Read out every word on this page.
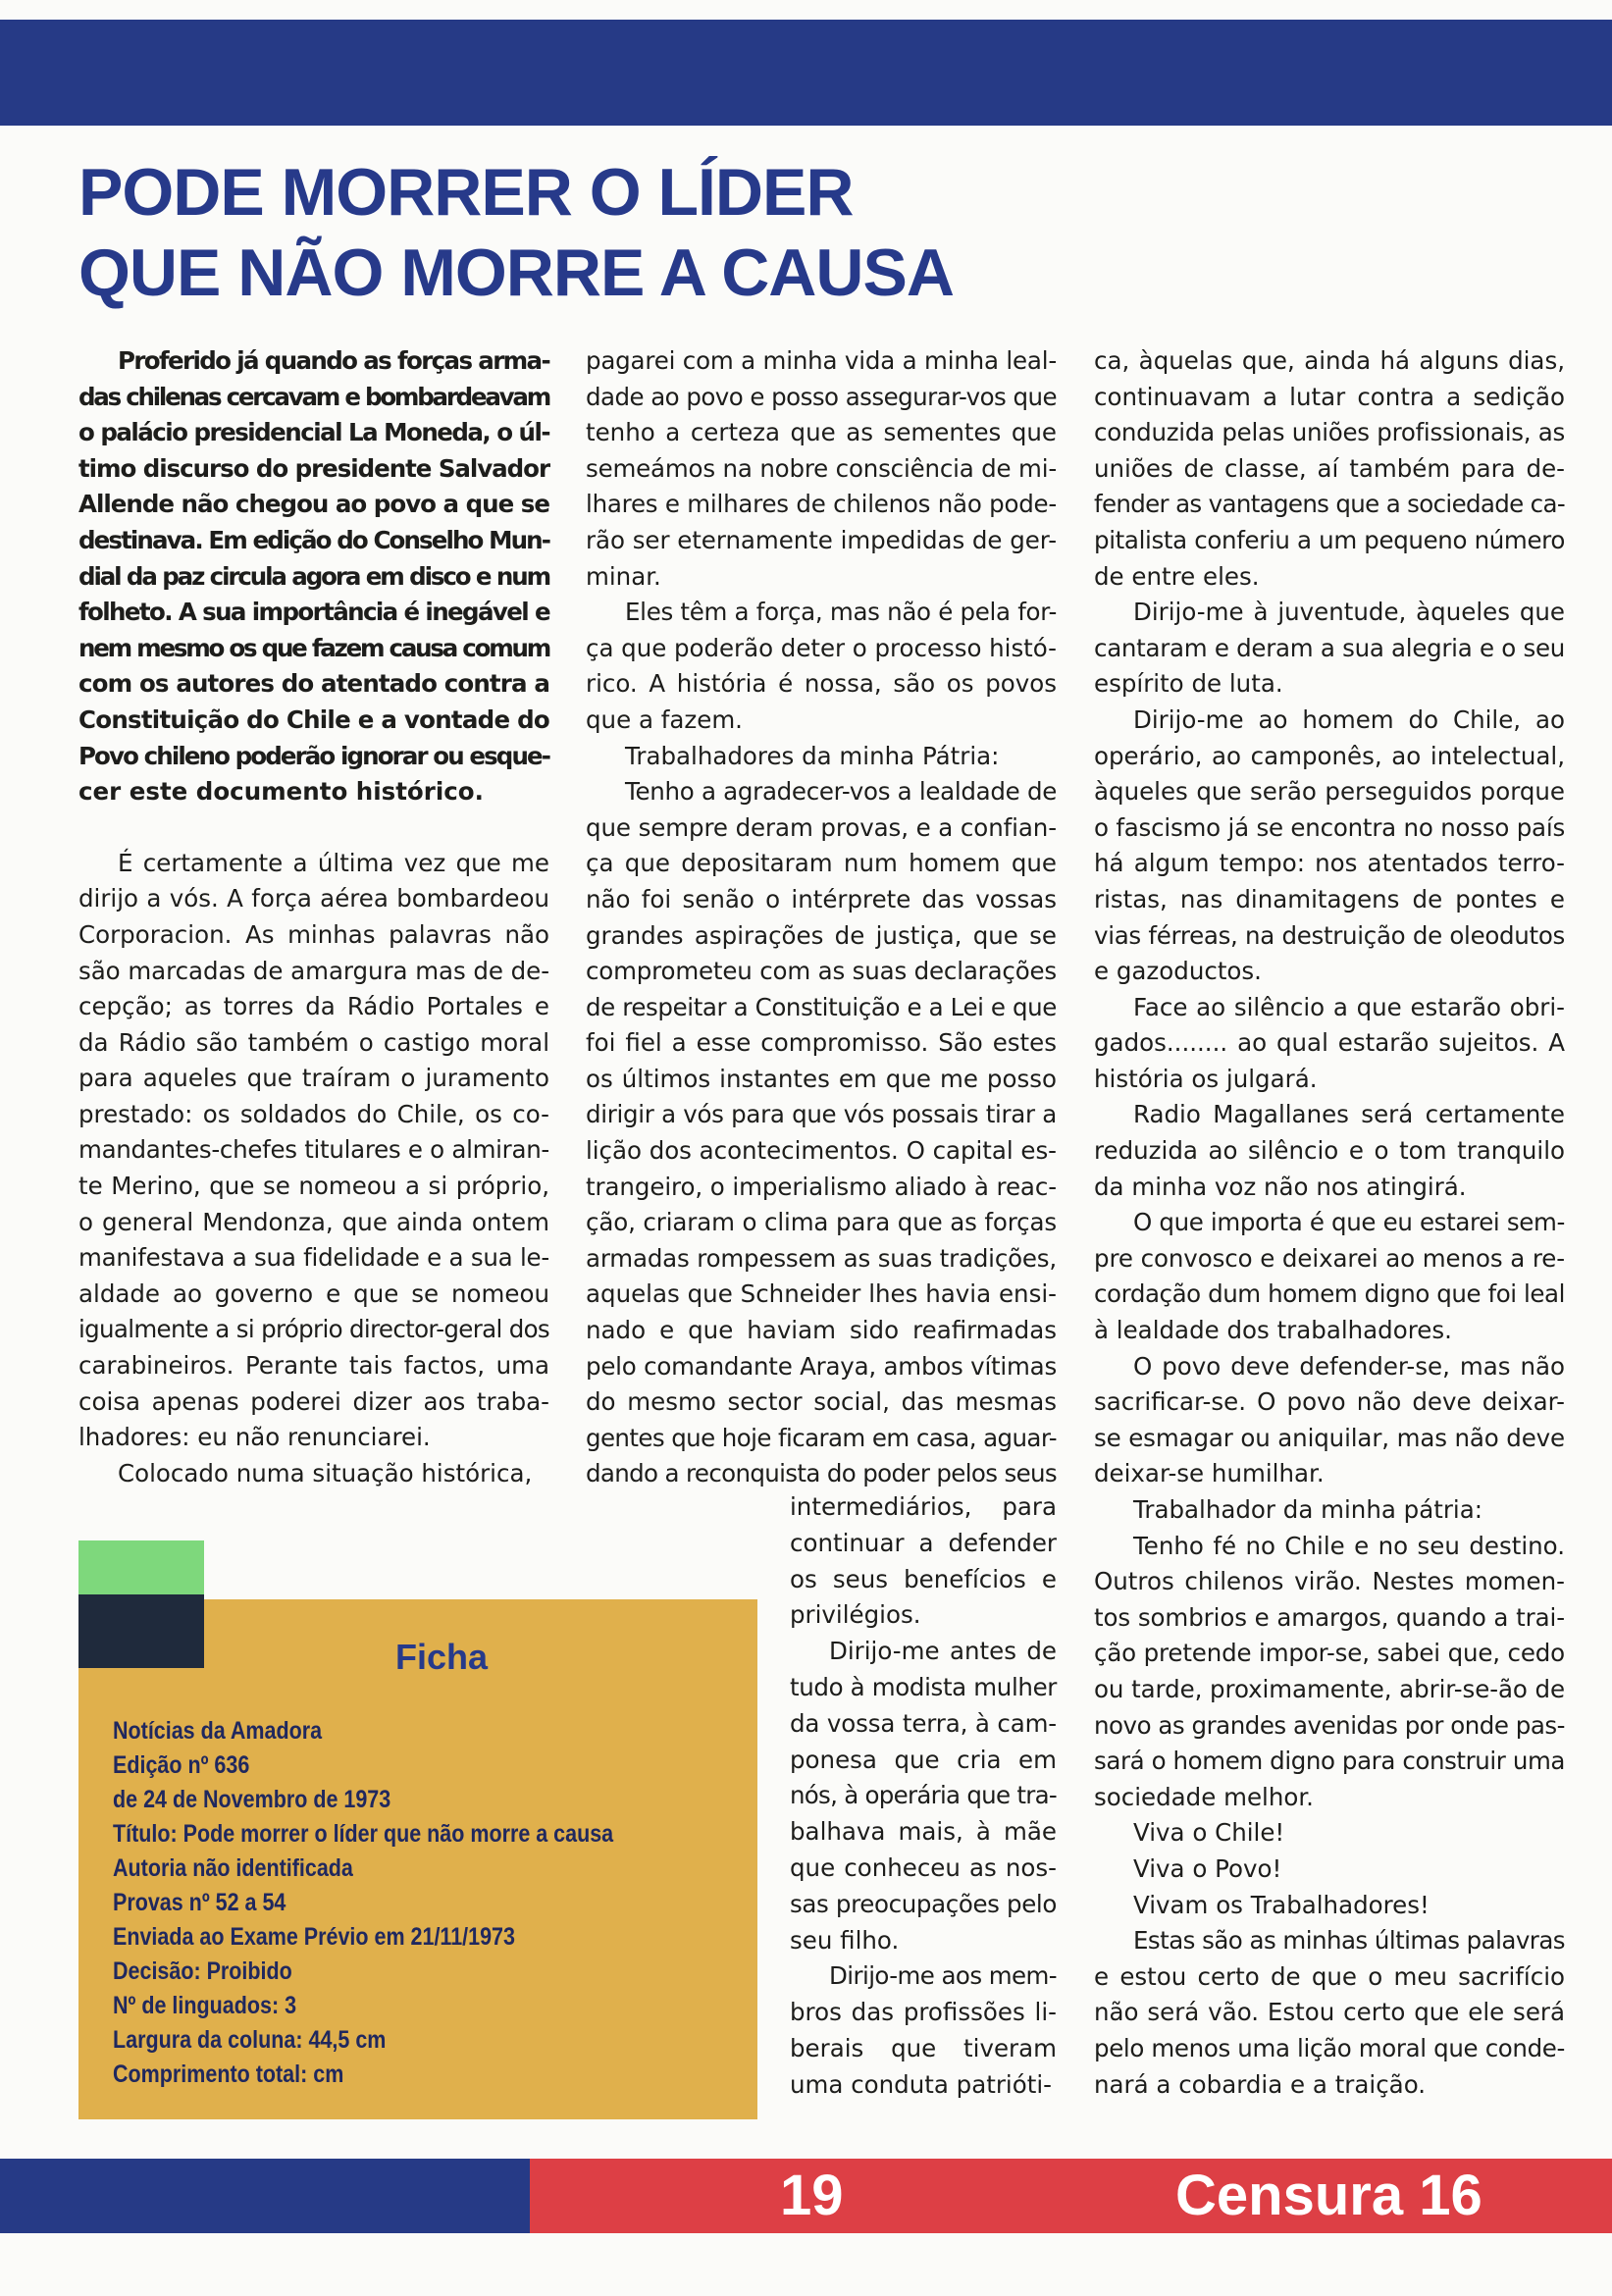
PODE MORRER O LÍDER
QUE NÃO MORRE A CAUSA

Proferido já quando as forças arma-

das chilenas cercavam e bombardeavam

o palácio presidencial La Moneda, o úl-

timo discurso do presidente Salvador

Allende não chegou ao povo a que se

destinava. Em edição do Conselho Mun-

dial da paz circula agora em disco e num

folheto. A sua importância é inegável e

nem mesmo os que fazem causa comum

com os autores do atentado contra a

Constituição do Chile e a vontade do

Povo chileno poderão ignorar ou esque-

cer este documento histórico.

É certamente a última vez que me

dirijo a vós. A força aérea bombardeou

Corporacion. As minhas palavras não

são marcadas de amargura mas de de-

cepção; as torres da Rádio Portales e

da Rádio são também o castigo moral

para aqueles que traíram o juramento

prestado: os soldados do Chile, os co-

mandantes-chefes titulares e o almiran-

te Merino, que se nomeou a si próprio,

o general Mendonza, que ainda ontem

manifestava a sua fidelidade e a sua le-

aldade ao governo e que se nomeou

igualmente a si próprio director-geral dos

carabineiros. Perante tais factos, uma

coisa apenas poderei dizer aos traba-

lhadores: eu não renunciarei.

Colocado numa situação histórica,

pagarei com a minha vida a minha leal-

dade ao povo e posso assegurar-vos que

tenho a certeza que as sementes que

semeámos na nobre consciência de mi-

lhares e milhares de chilenos não pode-

rão ser eternamente impedidas de ger-

minar.

Eles têm a força, mas não é pela for-

ça que poderão deter o processo histó-

rico. A história é nossa, são os povos

que a fazem.

Trabalhadores da minha Pátria:

Tenho a agradecer-vos a lealdade de

que sempre deram provas, e a confian-

ça que depositaram num homem que

não foi senão o intérprete das vossas

grandes aspirações de justiça, que se

comprometeu com as suas declarações

de respeitar a Constituição e a Lei e que

foi fiel a esse compromisso. São estes

os últimos instantes em que me posso

dirigir a vós para que vós possais tirar a

lição dos acontecimentos. O capital es-

trangeiro, o imperialismo aliado à reac-

ção, criaram o clima para que as forças

armadas rompessem as suas tradições,

aquelas que Schneider lhes havia ensi-

nado e que haviam sido reafirmadas

pelo comandante Araya, ambos vítimas

do mesmo sector social, das mesmas

gentes que hoje ficaram em casa, aguar-

dando a reconquista do poder pelos seus

intermediários, para

continuar a defender

os seus benefícios e

privilégios.

Dirijo-me antes de

tudo à modista mulher

da vossa terra, à cam-

ponesa que cria em

nós, à operária que tra-

balhava mais, à mãe

que conheceu as nos-

sas preocupações pelo

seu filho.

Dirijo-me aos mem-

bros das profissões li-

berais que tiveram

uma conduta patrióti-

ca, àquelas que, ainda há alguns dias,

continuavam a lutar contra a sedição

conduzida pelas uniões profissionais, as

uniões de classe, aí também para de-

fender as vantagens que a sociedade ca-

pitalista conferiu a um pequeno número

de entre eles.

Dirijo-me à juventude, àqueles que

cantaram e deram a sua alegria e o seu

espírito de luta.

Dirijo-me ao homem do Chile, ao

operário, ao camponês, ao intelectual,

àqueles que serão perseguidos porque

o fascismo já se encontra no nosso país

há algum tempo: nos atentados terro-

ristas, nas dinamitagens de pontes e

vias férreas, na destruição de oleodutos

e gazoductos.

Face ao silêncio a que estarão obri-

gados........ ao qual estarão sujeitos. A

história os julgará.

Radio Magallanes será certamente

reduzida ao silêncio e o tom tranquilo

da minha voz não nos atingirá.

O que importa é que eu estarei sem-

pre convosco e deixarei ao menos a re-

cordação dum homem digno que foi leal

à lealdade dos trabalhadores.

O povo deve defender-se, mas não

sacrificar-se. O povo não deve deixar-

se esmagar ou aniquilar, mas não deve

deixar-se humilhar.

Trabalhador da minha pátria:

Tenho fé no Chile e no seu destino.

Outros chilenos virão. Nestes momen-

tos sombrios e amargos, quando a trai-

ção pretende impor-se, sabei que, cedo

ou tarde, proximamente, abrir-se-ão de

novo as grandes avenidas por onde pas-

sará o homem digno para construir uma

sociedade melhor.

Viva o Chile!

Viva o Povo!

Vivam os Trabalhadores!

Estas são as minhas últimas palavras

e estou certo de que o meu sacrifício

não será vão. Estou certo que ele será

pelo menos uma lição moral que conde-

nará a cobardia e a traição.

Ficha
Notícias da Amadora
Edição nº 636
de 24 de Novembro de 1973
Título: Pode morrer o líder que não morre a causa
Autoria não identificada
Provas nº 52 a 54
Enviada ao Exame Prévio em 21/11/1973
Decisão: Proibido
Nº de linguados: 3
Largura da coluna: 44,5 cm
Comprimento total: cm
19	Censura 16
